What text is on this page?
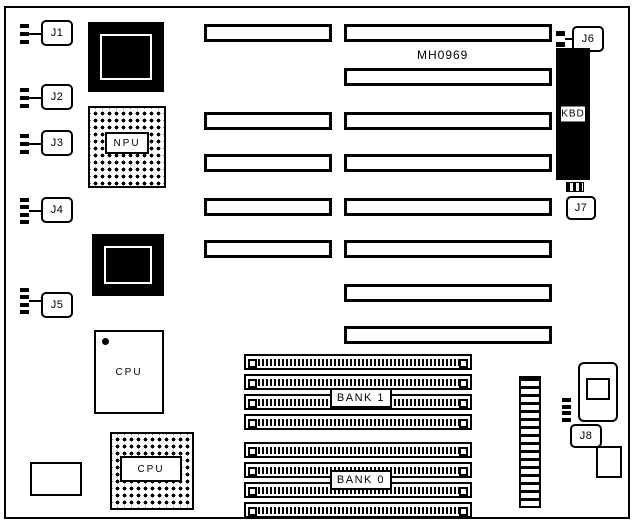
MH0969
J1
J2
J3
J4
J5
NPU
CPU
CPU
J6
KBD
J7
J8
BANK 1
BANK 0
